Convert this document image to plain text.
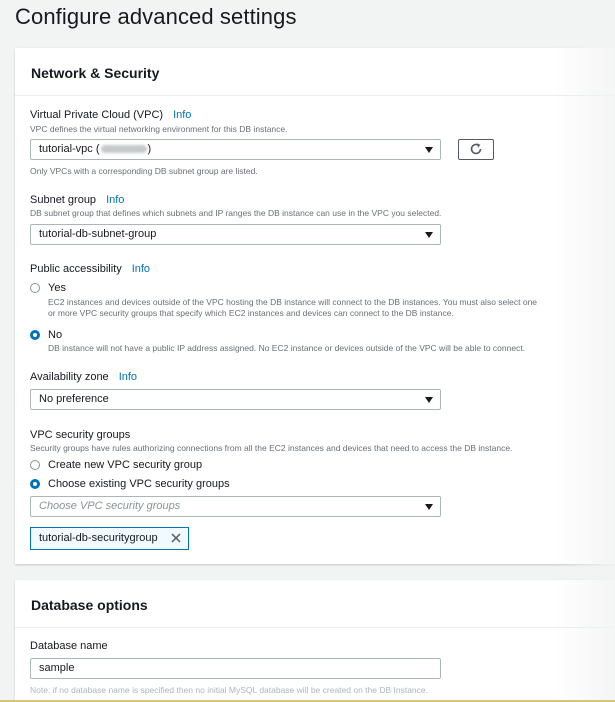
Configure advanced settings
Network & Security
Virtual Private Cloud (VPC) Info
VPC defines the virtual networking environment for this DB instance.
tutorial-vpc (	)
Only VPCs with a corresponding DB subnet group are listed.
Subnet group Info
DB subnet group that defines which subnets and IP ranges the DB instance can use in the VPC you selected.
tutorial-db-subnet-group
Public accessibility Info
Yes
EC2 instances and devices outside of the VPC hosting the DB instance will connect to the DB instances. You must also select one
or more VPC security groups that specify which EC2 instances and devices can connect to the DB instance.
No
DB instance will not have a public IP address assigned. No EC2 instance or devices outside of the VPC will be able to connect.
Availability zone Info
No preference
VPC security groups
Security groups have rules authorizing connections from all the EC2 instances and devices that need to access the DB instance.
Create new VPC security group
Choose existing VPC security groups
Choose VPC security groups
tutorial-db-securitygroup
Database options
Database name
sample
Note: if no database name is specified then no initial MySQL database will be created on the DB Instance.
